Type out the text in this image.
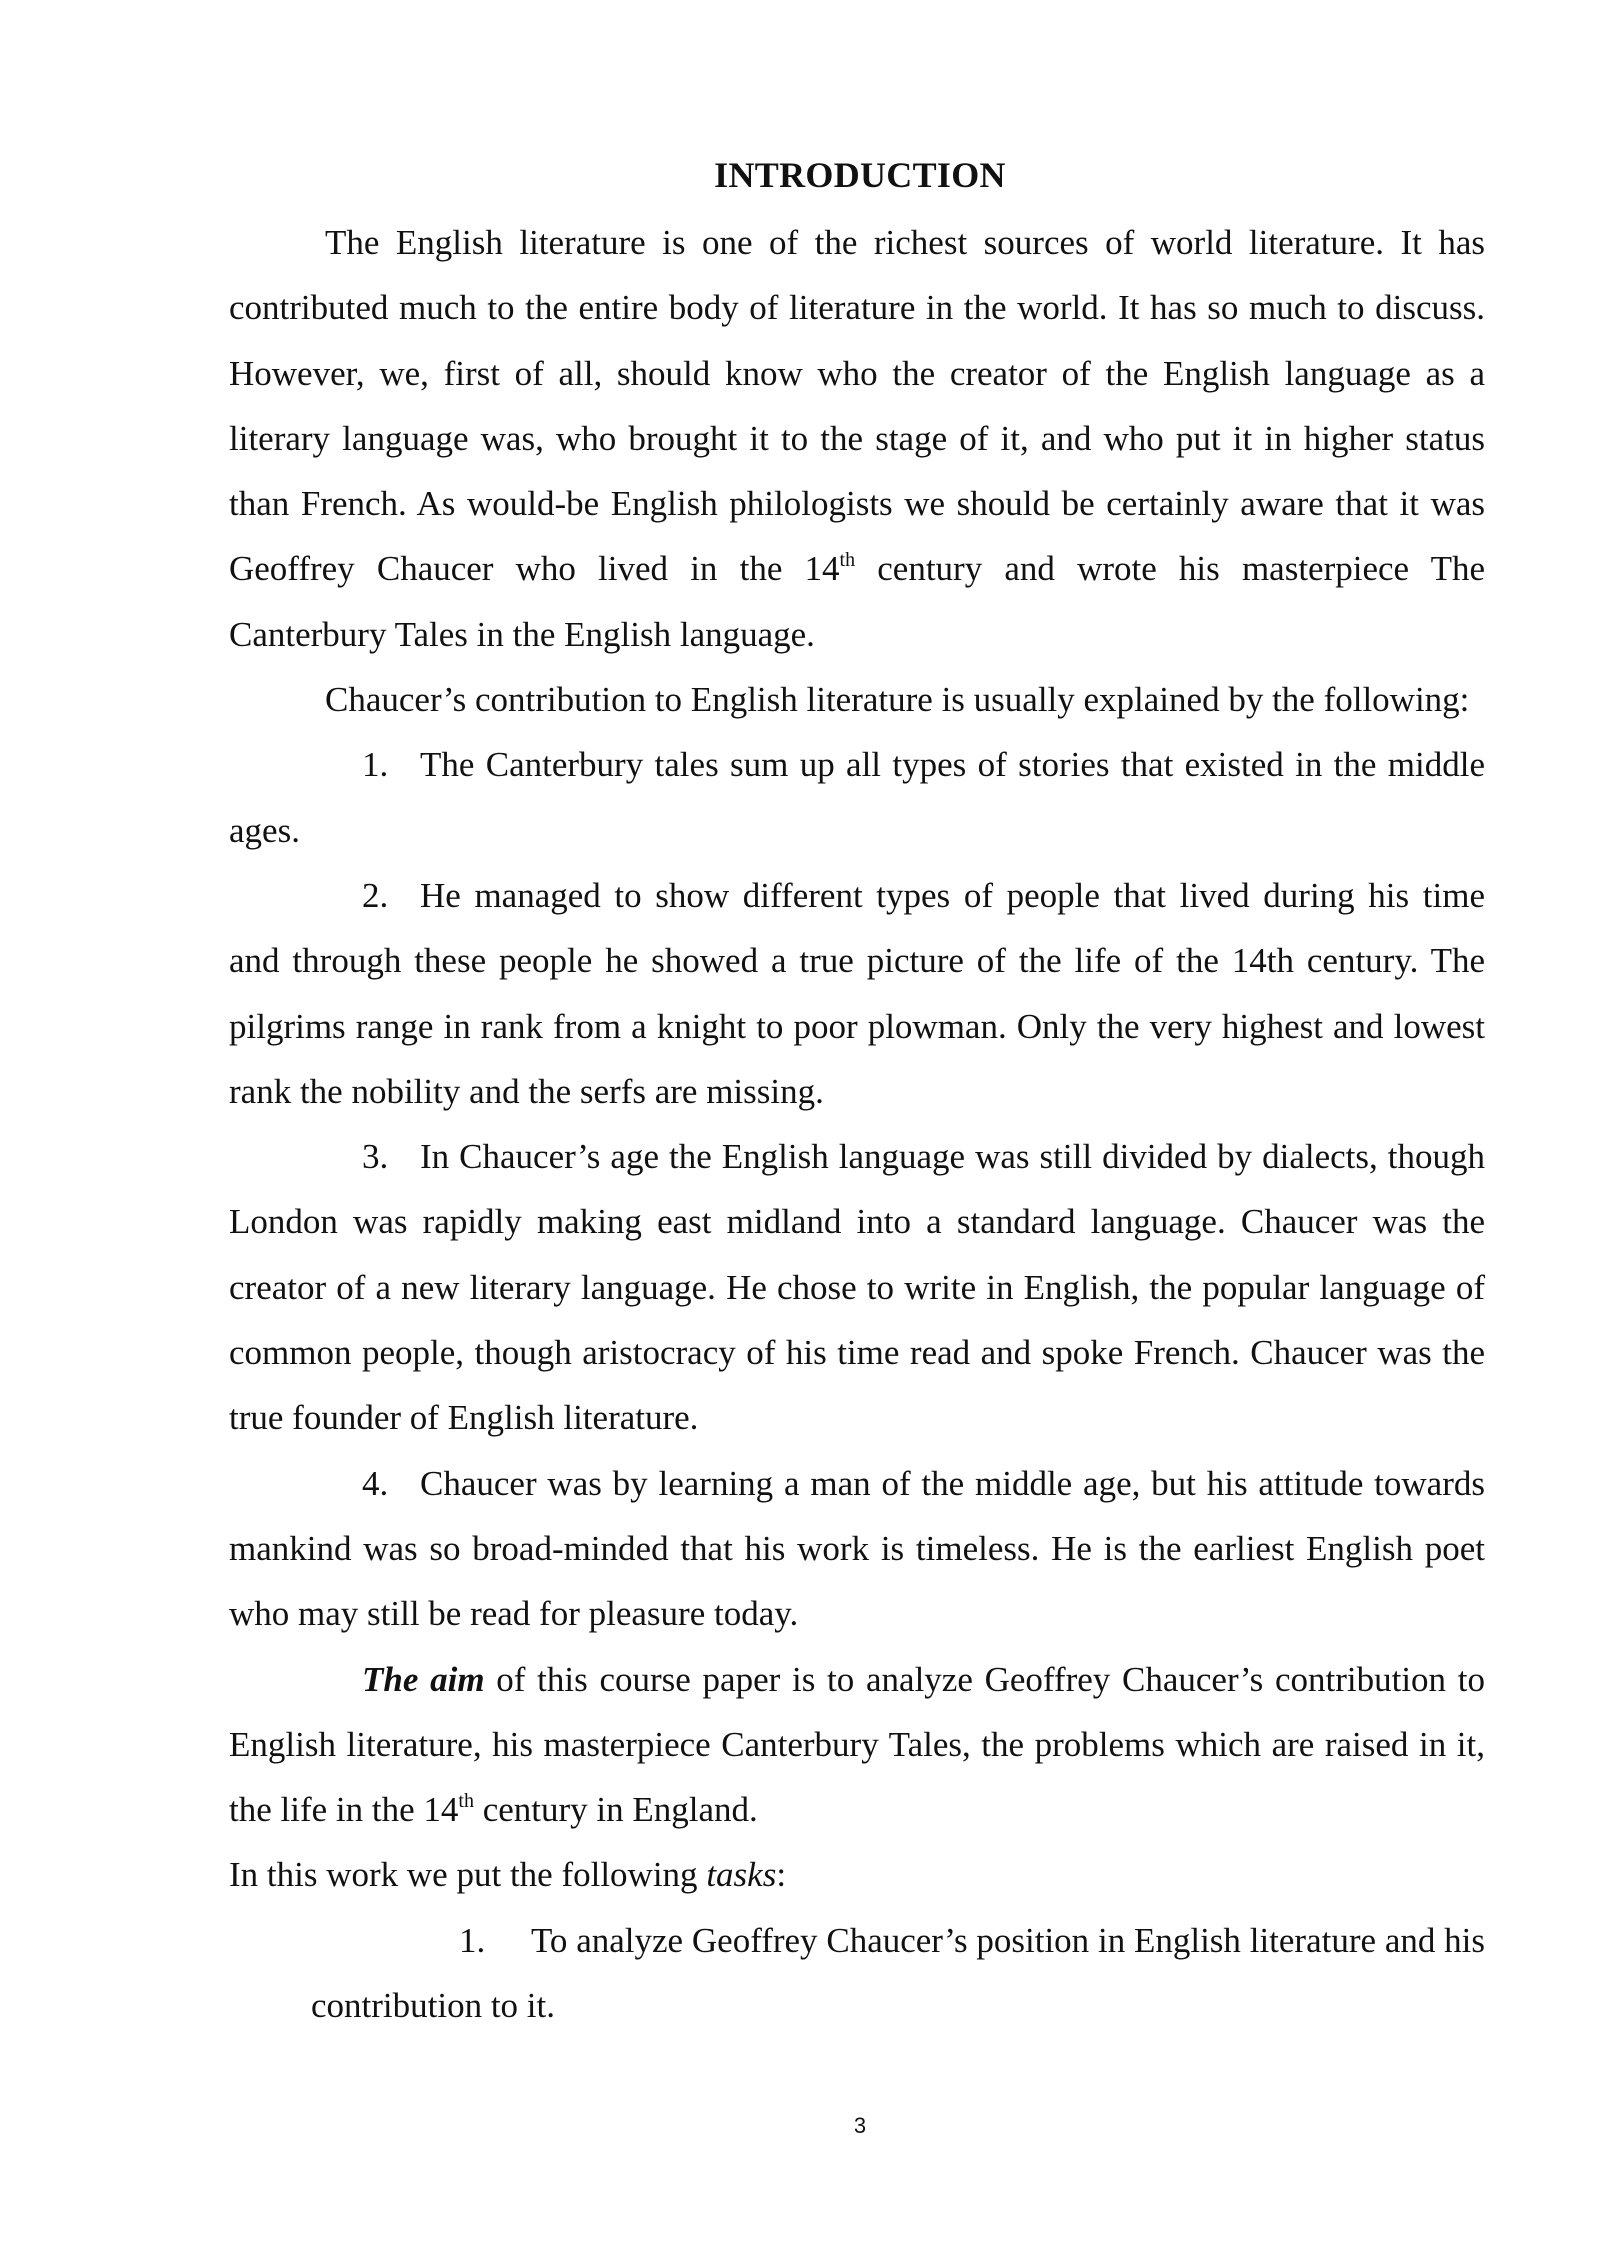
INTRODUCTION

The English literature is one of the richest sources of world literature. It has contributed much to the entire body of literature in the world. It has so much to discuss. However, we, first of all, should know who the creator of the English language as a literary language was, who brought it to the stage of it, and who put it in higher status than French. As would-be English philologists we should be certainly aware that it was Geoffrey Chaucer who lived in the 14th century and wrote his masterpiece The Canterbury Tales in the English language.

Chaucer’s contribution to English literature is usually explained by the following:

1. The Canterbury tales sum up all types of stories that existed in the middle ages.

2. He managed to show different types of people that lived during his time and through these people he showed a true picture of the life of the 14th century. The pilgrims range in rank from a knight to poor plowman. Only the very highest and lowest rank the nobility and the serfs are missing.

3. In Chaucer’s age the English language was still divided by dialects, though London was rapidly making east midland into a standard language. Chaucer was the creator of a new literary language. He chose to write in English, the popular language of common people, though aristocracy of his time read and spoke French. Chaucer was the true founder of English literature.

4. Chaucer was by learning a man of the middle age, but his attitude towards mankind was so broad-minded that his work is timeless. He is the earliest English poet who may still be read for pleasure today.

The aim of this course paper is to analyze Geoffrey Chaucer’s contribution to English literature, his masterpiece Canterbury Tales, the problems which are raised in it, the life in the 14th century in England.

In this work we put the following tasks:

1. To analyze Geoffrey Chaucer’s position in English literature and his contribution to it.

3
